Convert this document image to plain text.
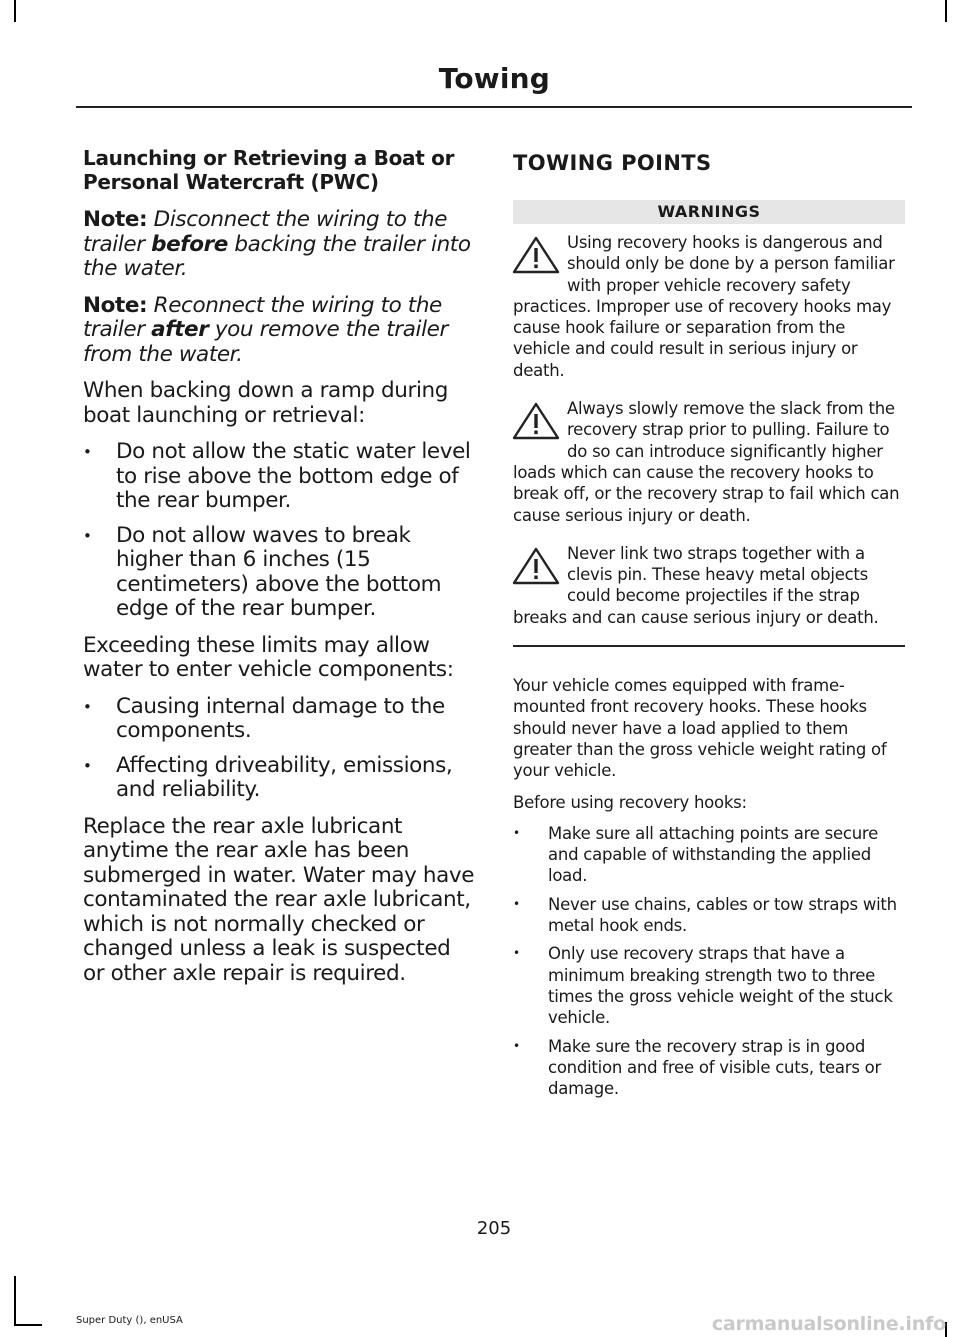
Towing
Launching or Retrieving a Boat or Personal Watercraft (PWC)

Note: Disconnect the wiring to the trailer before backing the trailer into the water.

Note: Reconnect the wiring to the trailer after you remove the trailer from the water.

When backing down a ramp during boat launching or retrieval:

• Do not allow the static water level to rise above the bottom edge of the rear bumper.
• Do not allow waves to break higher than 6 inches (15 centimeters) above the bottom edge of the rear bumper.

Exceeding these limits may allow water to enter vehicle components:

• Causing internal damage to the components.
• Affecting driveability, emissions, and reliability.

Replace the rear axle lubricant anytime the rear axle has been submerged in water. Water may have contaminated the rear axle lubricant, which is not normally checked or changed unless a leak is suspected or other axle repair is required.

TOWING POINTS
WARNINGS
Using recovery hooks is dangerous and should only be done by a person familiar with proper vehicle recovery safety practices. Improper use of recovery hooks may cause hook failure or separation from the vehicle and could result in serious injury or death.
Always slowly remove the slack from the recovery strap prior to pulling. Failure to do so can introduce significantly higher loads which can cause the recovery hooks to break off, or the recovery strap to fail which can cause serious injury or death.
Never link two straps together with a clevis pin. These heavy metal objects could become projectiles if the strap breaks and can cause serious injury or death.

Your vehicle comes equipped with frame-mounted front recovery hooks. These hooks should never have a load applied to them greater than the gross vehicle weight rating of your vehicle.

Before using recovery hooks:

• Make sure all attaching points are secure and capable of withstanding the applied load.
• Never use chains, cables or tow straps with metal hook ends.
• Only use recovery straps that have a minimum breaking strength two to three times the gross vehicle weight of the stuck vehicle.
• Make sure the recovery strap is in good condition and free of visible cuts, tears or damage.
205
Super Duty (), enUSA	carmanualsonline.info
